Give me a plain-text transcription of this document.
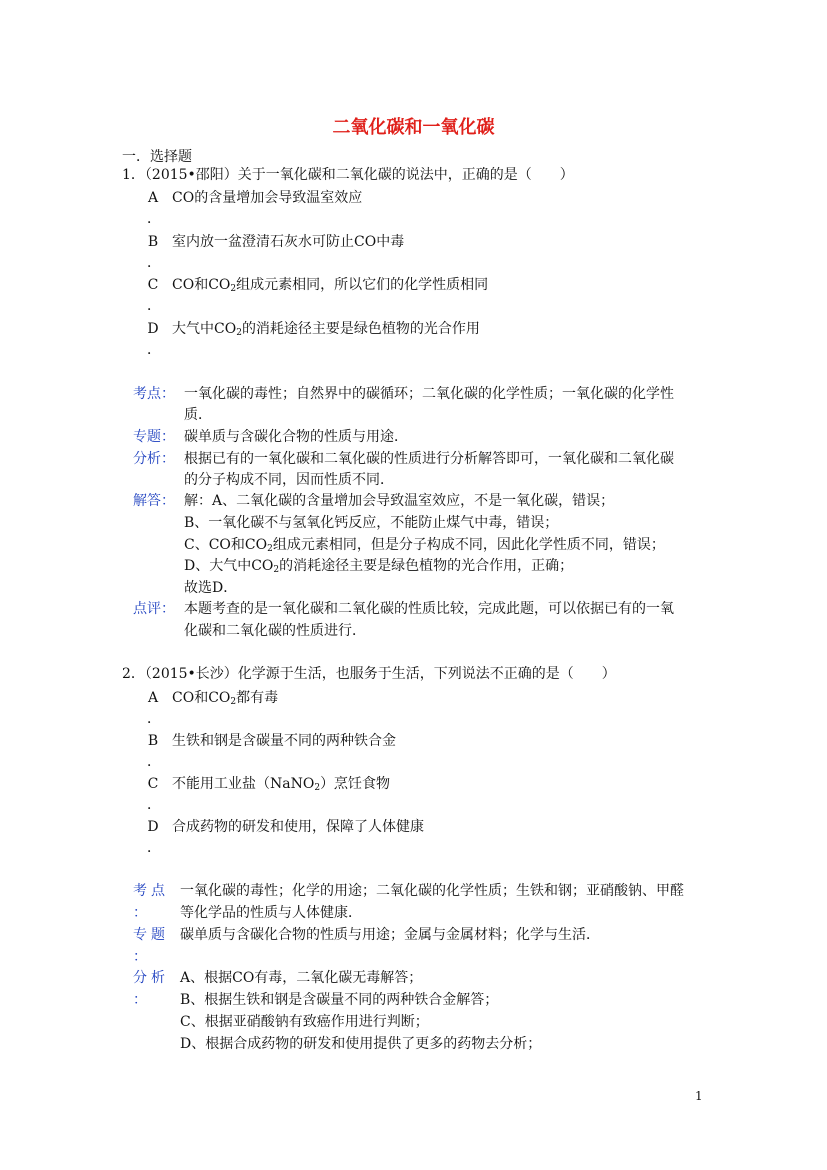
二氧化碳和一氧化碳
一．选择题
1．（2015•邵阳）关于一氧化碳和二氧化碳的说法中，正确的是（　　）
A CO的含量增加会导致温室效应
．
B 室内放一盆澄清石灰水可防止CO中毒
．
C CO和$CO_2$组成元素相同，所以它们的化学性质相同
．
D 大气中$CO_2$的消耗途径主要是绿色植物的光合作用
．
考点： 一氧化碳的毒性；自然界中的碳循环；二氧化碳的化学性质；一氧化碳的化学性
质．
专题： 碳单质与含碳化合物的性质与用途．
分析： 根据已有的一氧化碳和二氧化碳的性质进行分析解答即可，一氧化碳和二氧化碳
的分子构成不同，因而性质不同．
解答： 解：A、二氧化碳的含量增加会导致温室效应，不是一氧化碳，错误；
B、一氧化碳不与氢氧化钙反应，不能防止煤气中毒，错误；
C、CO和$CO_2$组成元素相同，但是分子构成不同，因此化学性质不同，错误；
D、大气中$CO_2$的消耗途径主要是绿色植物的光合作用，正确；
故选D．
点评： 本题考查的是一氧化碳和二氧化碳的性质比较，完成此题，可以依据已有的一氧
化碳和二氧化碳的性质进行．
2．（2015•长沙）化学源于生活，也服务于生活，下列说法不正确的是（　　）
A CO和$CO_2$都有毒
．
B 生铁和钢是含碳量不同的两种铁合金
．
C 不能用工业盐（NaNO$_2$）烹饪食物
．
D 合成药物的研发和使用，保障了人体健康
．
考点
：
一氧化碳的毒性；化学的用途；二氧化碳的化学性质；生铁和钢；亚硝酸钠、甲醛
等化学品的性质与人体健康．
专题
：
碳单质与含碳化合物的性质与用途；金属与金属材料；化学与生活．
分析
：
A、根据CO有毒，二氧化碳无毒解答；
B、根据生铁和钢是含碳量不同的两种铁合金解答；
C、根据亚硝酸钠有致癌作用进行判断；
D、根据合成药物的研发和使用提供了更多的药物去分析；
1
